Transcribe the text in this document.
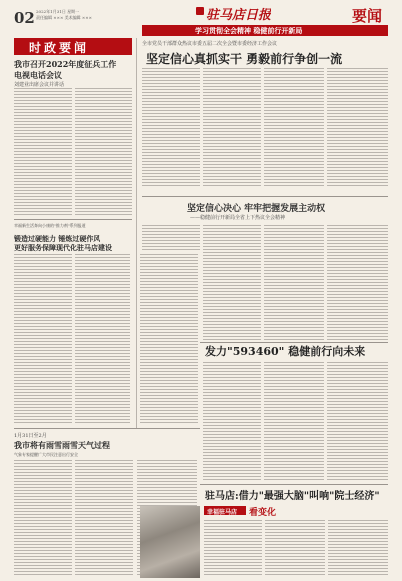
02 2022年1月31日 星期一
责任编辑 ××× 美术编辑 ×××	驻马店日报	要闻
学习贯彻全会精神 稳健前行开新局
时政要闻
我市召开2022年度征兵工作
电视电话会议
刘建业出席会议并讲话
幸福新生活奔向小康的"推力剂"系列报道
锻造过硬能力 锤炼过硬作风
更好服务保障现代化驻马店建设
1月31日至2月
我市将有雨雪雨雪天气过程
气象专家提醒广大市民注意出行安全
全市党员干部群众热议市委五届二次全会暨市委经济工作会议
坚定信心真抓实干 勇毅前行争创一流
坚定信心决心 牢牢把握发展主动权
——稳健前行开新局全省上下热议全会精神
发力"593460" 稳健前行向未来
驻马店:借力"最强大脑"叫响"院士经济"
幸福驻马店 看变化
